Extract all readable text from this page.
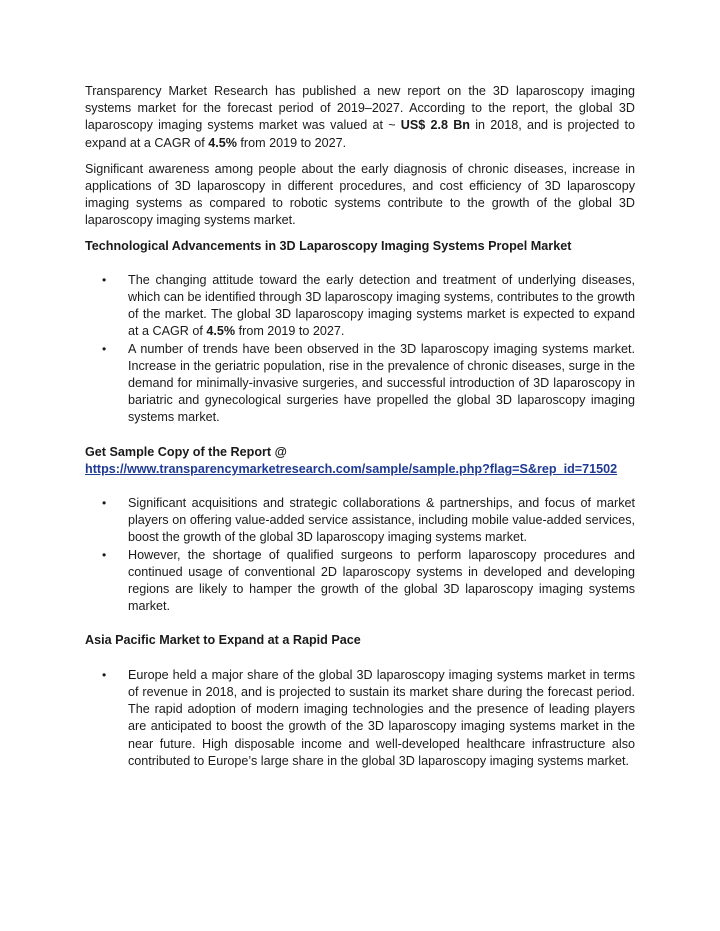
Transparency Market Research has published a new report on the 3D laparoscopy imaging systems market for the forecast period of 2019–2027. According to the report, the global 3D laparoscopy imaging systems market was valued at ~ US$ 2.8 Bn in 2018, and is projected to expand at a CAGR of 4.5% from 2019 to 2027.

Significant awareness among people about the early diagnosis of chronic diseases, increase in applications of 3D laparoscopy in different procedures, and cost efficiency of 3D laparoscopy imaging systems as compared to robotic systems contribute to the growth of the global 3D laparoscopy imaging systems market.

Technological Advancements in 3D Laparoscopy Imaging Systems Propel Market

• The changing attitude toward the early detection and treatment of underlying diseases, which can be identified through 3D laparoscopy imaging systems, contributes to the growth of the market. The global 3D laparoscopy imaging systems market is expected to expand at a CAGR of 4.5% from 2019 to 2027.
• A number of trends have been observed in the 3D laparoscopy imaging systems market. Increase in the geriatric population, rise in the prevalence of chronic diseases, surge in the demand for minimally-invasive surgeries, and successful introduction of 3D laparoscopy in bariatric and gynecological surgeries have propelled the global 3D laparoscopy imaging systems market.

Get Sample Copy of the Report @

https://www.transparencymarketresearch.com/sample/sample.php?flag=S&rep_id=71502
• Significant acquisitions and strategic collaborations & partnerships, and focus of market players on offering value-added service assistance, including mobile value-added services, boost the growth of the global 3D laparoscopy imaging systems market.
• However, the shortage of qualified surgeons to perform laparoscopy procedures and continued usage of conventional 2D laparoscopy systems in developed and developing regions are likely to hamper the growth of the global 3D laparoscopy imaging systems market.

Asia Pacific Market to Expand at a Rapid Pace

• Europe held a major share of the global 3D laparoscopy imaging systems market in terms of revenue in 2018, and is projected to sustain its market share during the forecast period. The rapid adoption of modern imaging technologies and the presence of leading players are anticipated to boost the growth of the 3D laparoscopy imaging systems market in the near future. High disposable income and well-developed healthcare infrastructure also contributed to Europe’s large share in the global 3D laparoscopy imaging systems market.
